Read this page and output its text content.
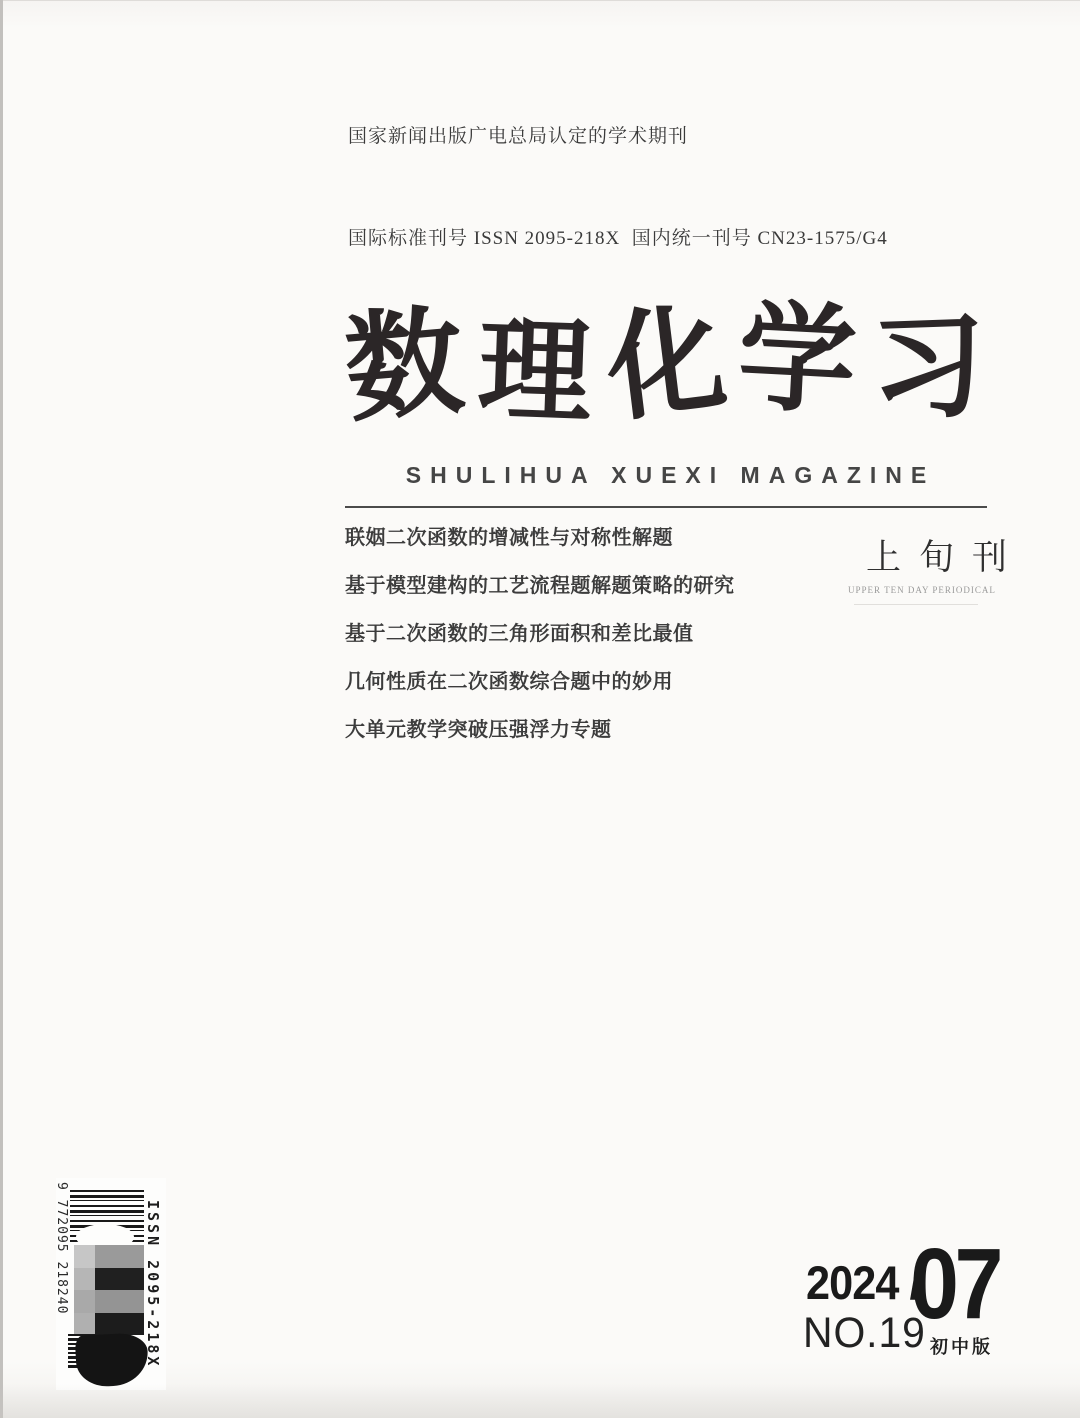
国家新闻出版广电总局认定的学术期刊

国际标准刊号 ISSN 2095-218X  国内统一刊号 CN23-1575/G4

数 理 化 学 习
SHULIHUA XUEXI MAGAZINE
联姻二次函数的增减性与对称性解题
基于模型建构的工艺流程题解题策略的研究
基于二次函数的三角形面积和差比最值
几何性质在二次函数综合题中的妙用
大单元教学突破压强浮力专题
上旬刊
UPPER TEN DAY PERIODICAL
9 772095 218240	ISSN 2095-218X	2024 /
07
NO.19 初中版
